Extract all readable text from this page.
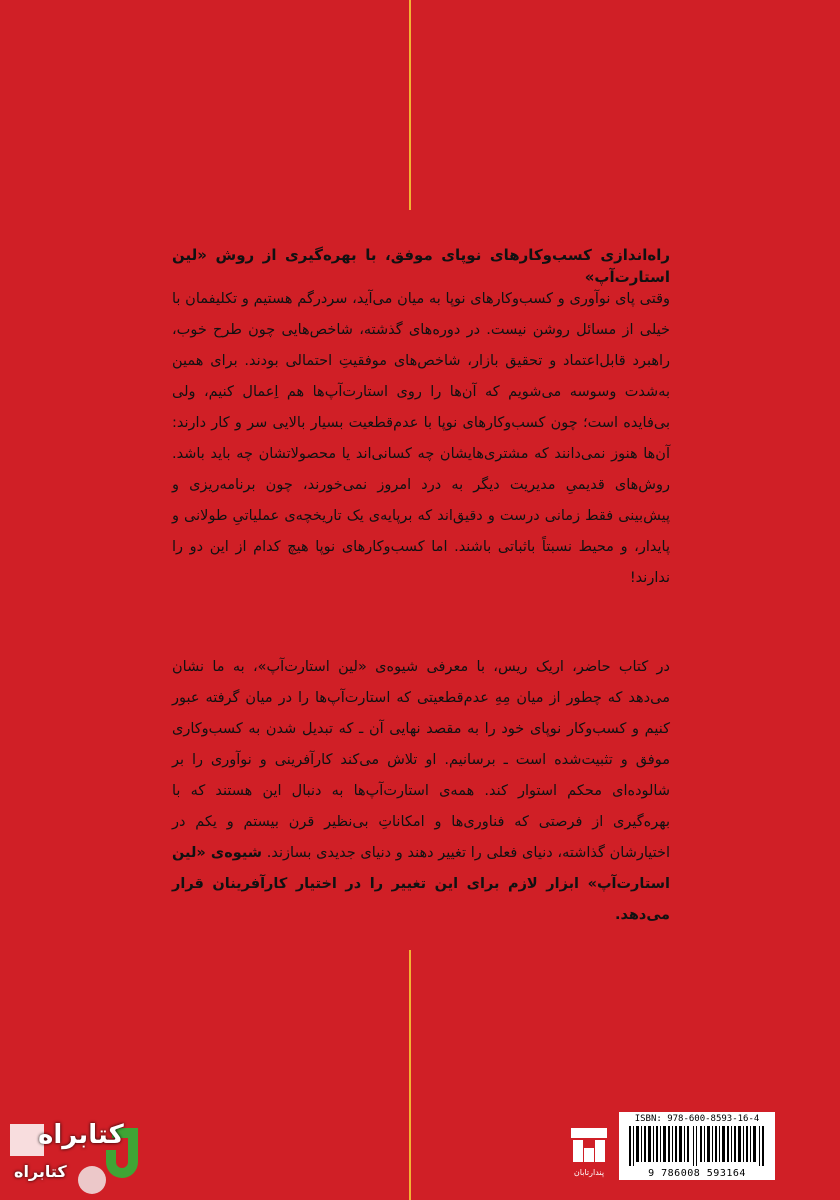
راه‌اندازی کسب‌وکارهای نوپای موفق، با بهره‌گیری از روش «لین استارت‌آپ»

وقتی پای نوآوری و کسب‌وکارهای نوپا به میان می‌آید، سردرگم هستیم و تکلیفمان با خیلی از مسائل روشن نیست. در دوره‌های گذشته، شاخص‌هایی چون طرح خوب، راهبرد قابل‌اعتماد و تحقیق بازار، شاخص‌های موفقیتِ احتمالی بودند. برای همین به‌شدت وسوسه می‌شویم که آن‌ها را روی استارت‌آپ‌ها هم اِعمال کنیم، ولی بی‌فایده است؛ چون کسب‌وکارهای نوپا با عدم‌قطعیت بسیار بالایی سر و کار دارند: آن‌ها هنوز نمی‌دانند که مشتری‌هایشان چه کسانی‌اند یا محصولاتشان چه باید باشد. روش‌های قدیمیِ مدیریت دیگر به درد امروز نمی‌خورند، چون برنامه‌ریزی و پیش‌بینی فقط زمانی درست و دقیق‌اند که بر‌پایه‌ی یک تاریخچه‌ی عملیاتیِ طولانی و پایدار، و محیط نسبتاً باثباتی باشند. اما کسب‌وکارهای نوپا هیچ کدام از این دو را ندارند!

در کتاب حاضر، اریک ریس، با معرفی شیوه‌ی «لین استارت‌آپ»، به ما نشان می‌دهد که چطور از میان مِهِ عدم‌قطعیتی که استارت‌آپ‌ها را در میان گرفته عبور کنیم و کسب‌وکار نوپای خود را به مقصد نهایی آن ـ که تبدیل شدن به کسب‌وکاری موفق و تثبیت‌شده است ـ برسانیم. او تلاش می‌کند کارآفرینی و نوآوری را بر شالوده‌ای محکم استوار کند. همه‌ی استارت‌آپ‌ها به دنبال این هستند که با بهره‌گیری از فرصتی که فناوری‌ها و امکاناتِ بی‌نظیر قرن بیستم و یکم در اختیارشان گذاشته، دنیای فعلی را تغییر دهند و دنیای جدیدی بسازند. شیوه‌ی «لین استارت‌آپ» ابزار لازم برای این تغییر را در اختیار کارآفرینان قرار می‌دهد.

پندارتابان
ISBN: 978-600-8593-16-4
9 786008 593164
کتابراه
کتابراه
